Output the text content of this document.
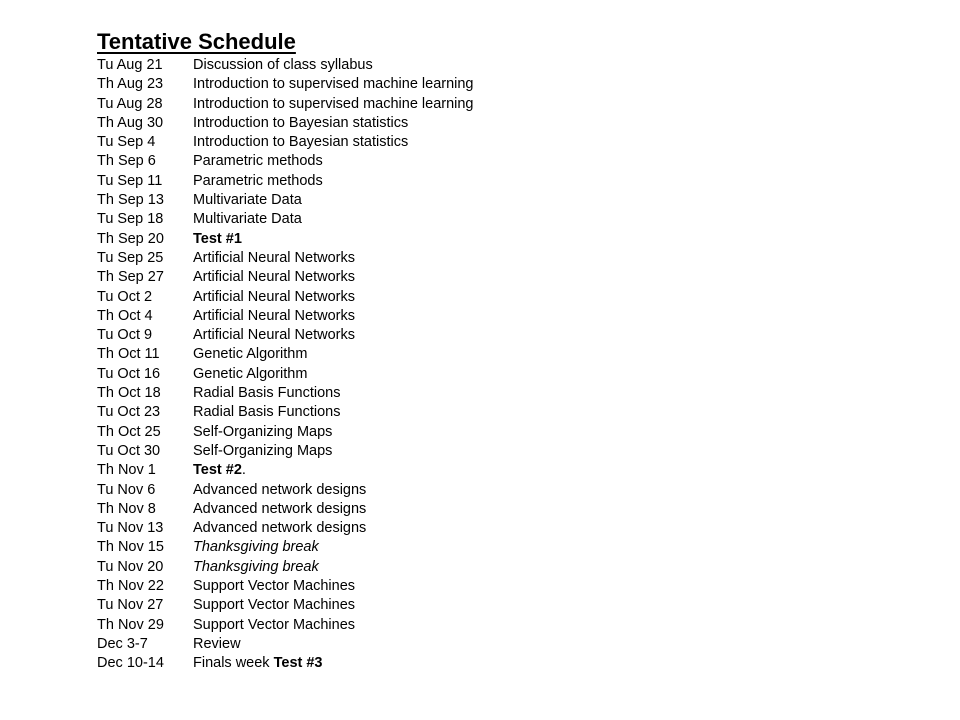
Tentative Schedule
Tu Aug 21 Discussion of class syllabus
Th Aug 23 Introduction to supervised machine learning
Tu Aug 28 Introduction to supervised machine learning
Th Aug 30 Introduction to Bayesian statistics
Tu Sep 4	Introduction to Bayesian statistics
Th Sep 6	Parametric methods
Tu Sep 11 Parametric methods
Th Sep 13 Multivariate Data
Tu Sep 18 Multivariate Data
Th Sep 20 Test #1
Tu Sep 25 Artificial Neural Networks
Th Sep 27 Artificial Neural Networks
Tu Oct 2	Artificial Neural Networks
Th Oct 4	Artificial Neural Networks
Tu Oct 9	Artificial Neural Networks
Th Oct 11 Genetic Algorithm
Tu Oct 16 Genetic Algorithm
Th Oct 18 Radial Basis Functions
Tu Oct 23 Radial Basis Functions
Th Oct 25 Self-Organizing Maps
Tu Oct 30 Self-Organizing Maps
Th Nov 1	Test #2.
Tu Nov 6	Advanced network designs
Th Nov 8	Advanced network designs
Tu Nov 13 Advanced network designs
Th Nov 15 Thanksgiving break
Tu Nov 20 Thanksgiving break
Th Nov 22 Support Vector Machines
Tu Nov 27 Support Vector Machines
Th Nov 29 Support Vector Machines
Dec 3-7	Review
Dec 10-14 Finals week Test #3
